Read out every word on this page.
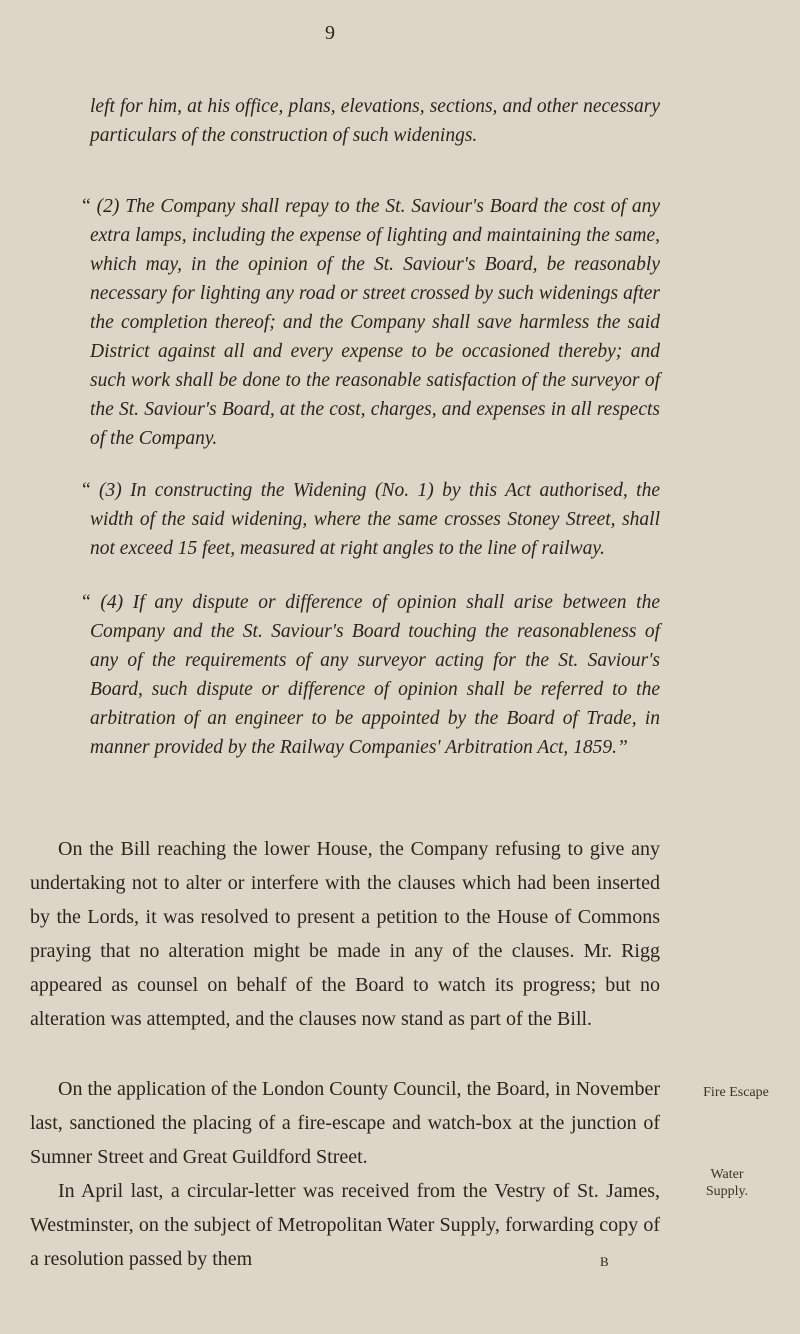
9

left for him, at his office, plans, elevations, sections, and other necessary particulars of the construction of such widenings.

“ (2) The Company shall repay to the St. Saviour's Board the cost of any extra lamps, including the expense of lighting and maintaining the same, which may, in the opinion of the St. Saviour's Board, be reasonably necessary for lighting any road or street crossed by such widenings after the completion thereof; and the Company shall save harmless the said District against all and every expense to be occasioned thereby; and such work shall be done to the reasonable satisfaction of the surveyor of the St. Saviour's Board, at the cost, charges, and expenses in all respects of the Company.

“ (3) In constructing the Widening (No. 1) by this Act authorised, the width of the said widening, where the same crosses Stoney Street, shall not exceed 15 feet, measured at right angles to the line of railway.

“ (4) If any dispute or difference of opinion shall arise between the Company and the St. Saviour's Board touching the reasonableness of any of the requirements of any surveyor acting for the St. Saviour's Board, such dispute or difference of opinion shall be referred to the arbitration of an engineer to be appointed by the Board of Trade, in manner provided by the Railway Companies' Arbitration Act, 1859.”

On the Bill reaching the lower House, the Company refusing to give any undertaking not to alter or interfere with the clauses which had been inserted by the Lords, it was resolved to present a petition to the House of Commons praying that no alteration might be made in any of the clauses. Mr. Rigg appeared as counsel on behalf of the Board to watch its progress; but no alteration was attempted, and the clauses now stand as part of the Bill.

On the application of the London County Council, the Board, in November last, sanctioned the placing of a fire-escape and watch-box at the junction of Sumner Street and Great Guildford Street.

In April last, a circular-letter was received from the Vestry of St. James, Westminster, on the subject of Metropolitan Water Supply, forwarding copy of a resolution passed by them

Fire Escape
Water
Supply.
B
